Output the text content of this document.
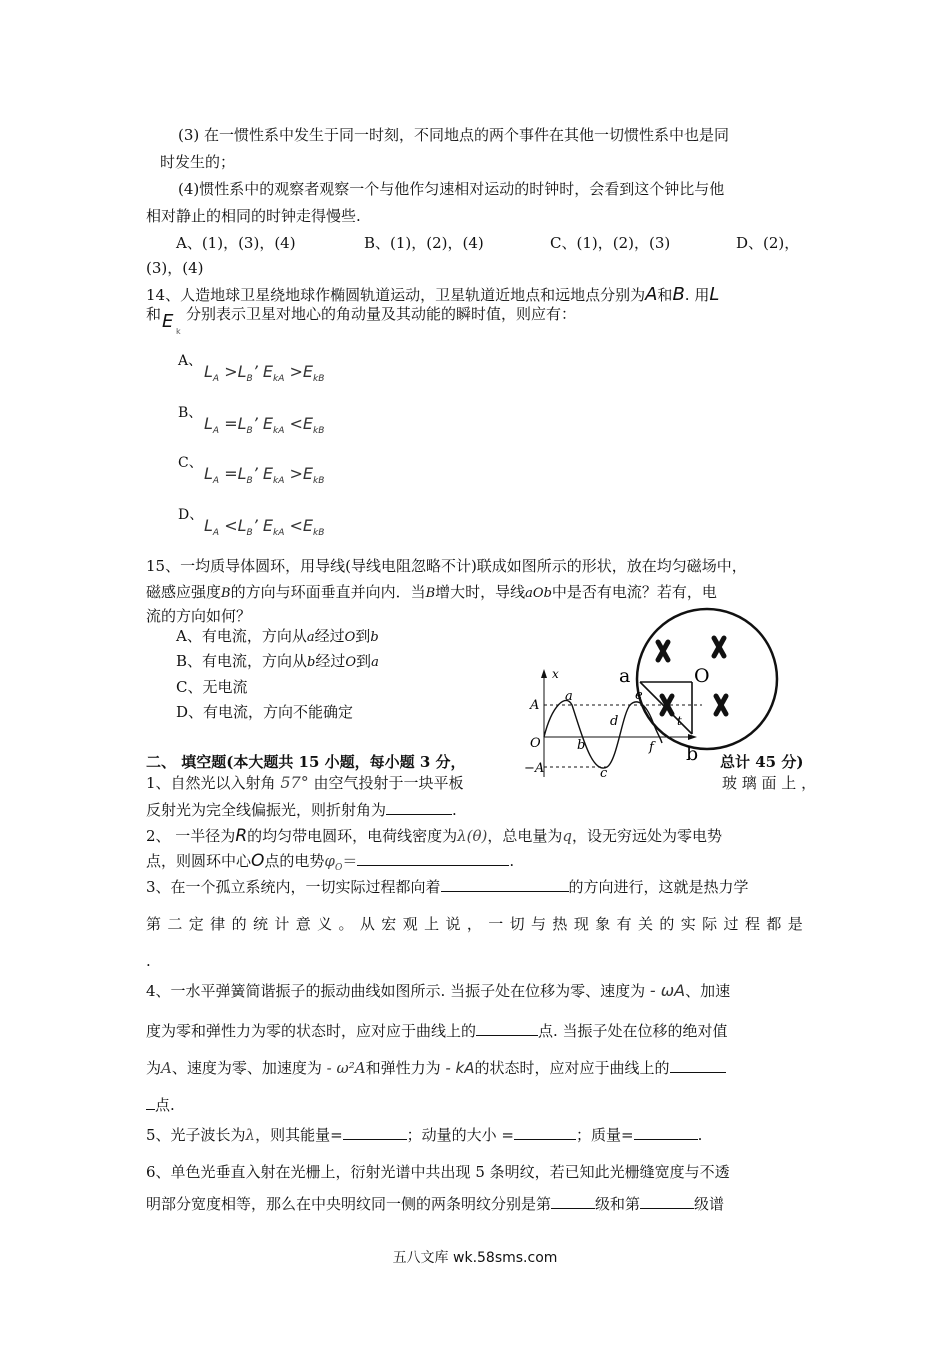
(3) 在一惯性系中发生于同一时刻，不同地点的两个事件在其他一切惯性系中也是同
时发生的；
(4)惯性系中的观察者观察一个与他作匀速相对运动的时钟时，会看到这个钟比与他
相对静止的相同的时钟走得慢些.
A、(1)，(3)，(4)	B、(1)，(2)，(4)	C、(1)，(2)，(3)	D、(2)，
(3)，(4)
14、人造地球卫星绕地球作椭圆轨道运动，卫星轨道近地点和远地点分别为A和B. 用L
和 E k
分别表示卫星对地心的角动量及其动能的瞬时值，则应有：
A、
$L_A >L_B$’ $E_{kA} >E_{kB}$
B、
$L_A =L_B$’ $E_{kA} <E_{kB}$
C、
$L_A =L_B$’ $E_{kA} >E_{kB}$
D、
$L_A <L_B$’ $E_{kA} <E_{kB}$
15、一均质导体圆环，用导线(导线电阻忽略不计)联成如图所示的形状，放在均匀磁场中，
磁感应强度B的方向与环面垂直并向内．当B增大时，导线aOb中是否有电流？若有，电
流的方向如何？
A、有电流，方向从a经过O到b
B、有电流，方向从b经过O到a
C、无电流
D、有电流，方向不能确定
a	O
b
x
a
A
d
e
O	b	f
t
−A	c
二、 填空题(本大题共 15 小题，每小题 3 分，	总计 45 分)
1、自然光以入射角 57° 由空气投射于一块平板	玻 璃 面 上 ，
反射光为完全线偏振光，则折射角为	.
2、 一半径为R的均匀带电圆环，电荷线密度为λ(θ)，总电量为q，设无穷远处为零电势
点，则圆环中心O点的电势$\varphi_O=$	.
3、在一个孤立系统内，一切实际过程都向着	的方向进行，这就是热力学
第 二 定 律 的 统 计 意 义 。 从 宏 观 上 说 ， 一 切 与 热 现 象 有 关 的 实 际 过 程 都 是
.
4、一水平弹簧简谐振子的振动曲线如图所示. 当振子处在位移为零、速度为 - ωA、加速
度为零和弹性力为零的状态时，应对应于曲线上的	点. 当振子处在位移的绝对值
为A、速度为零、加速度为 - ω²A和弹性力为 - kA的状态时，应对应于曲线上的
点.
5、光子波长为λ，则其能量=	；动量的大小 =	；质量=	.
6、单色光垂直入射在光栅上，衍射光谱中共出现 5 条明纹，若已知此光栅缝宽度与不透
明部分宽度相等，那么在中央明纹同一侧的两条明纹分别是第	级和第	级谱
五八文库 wk.58sms.com
